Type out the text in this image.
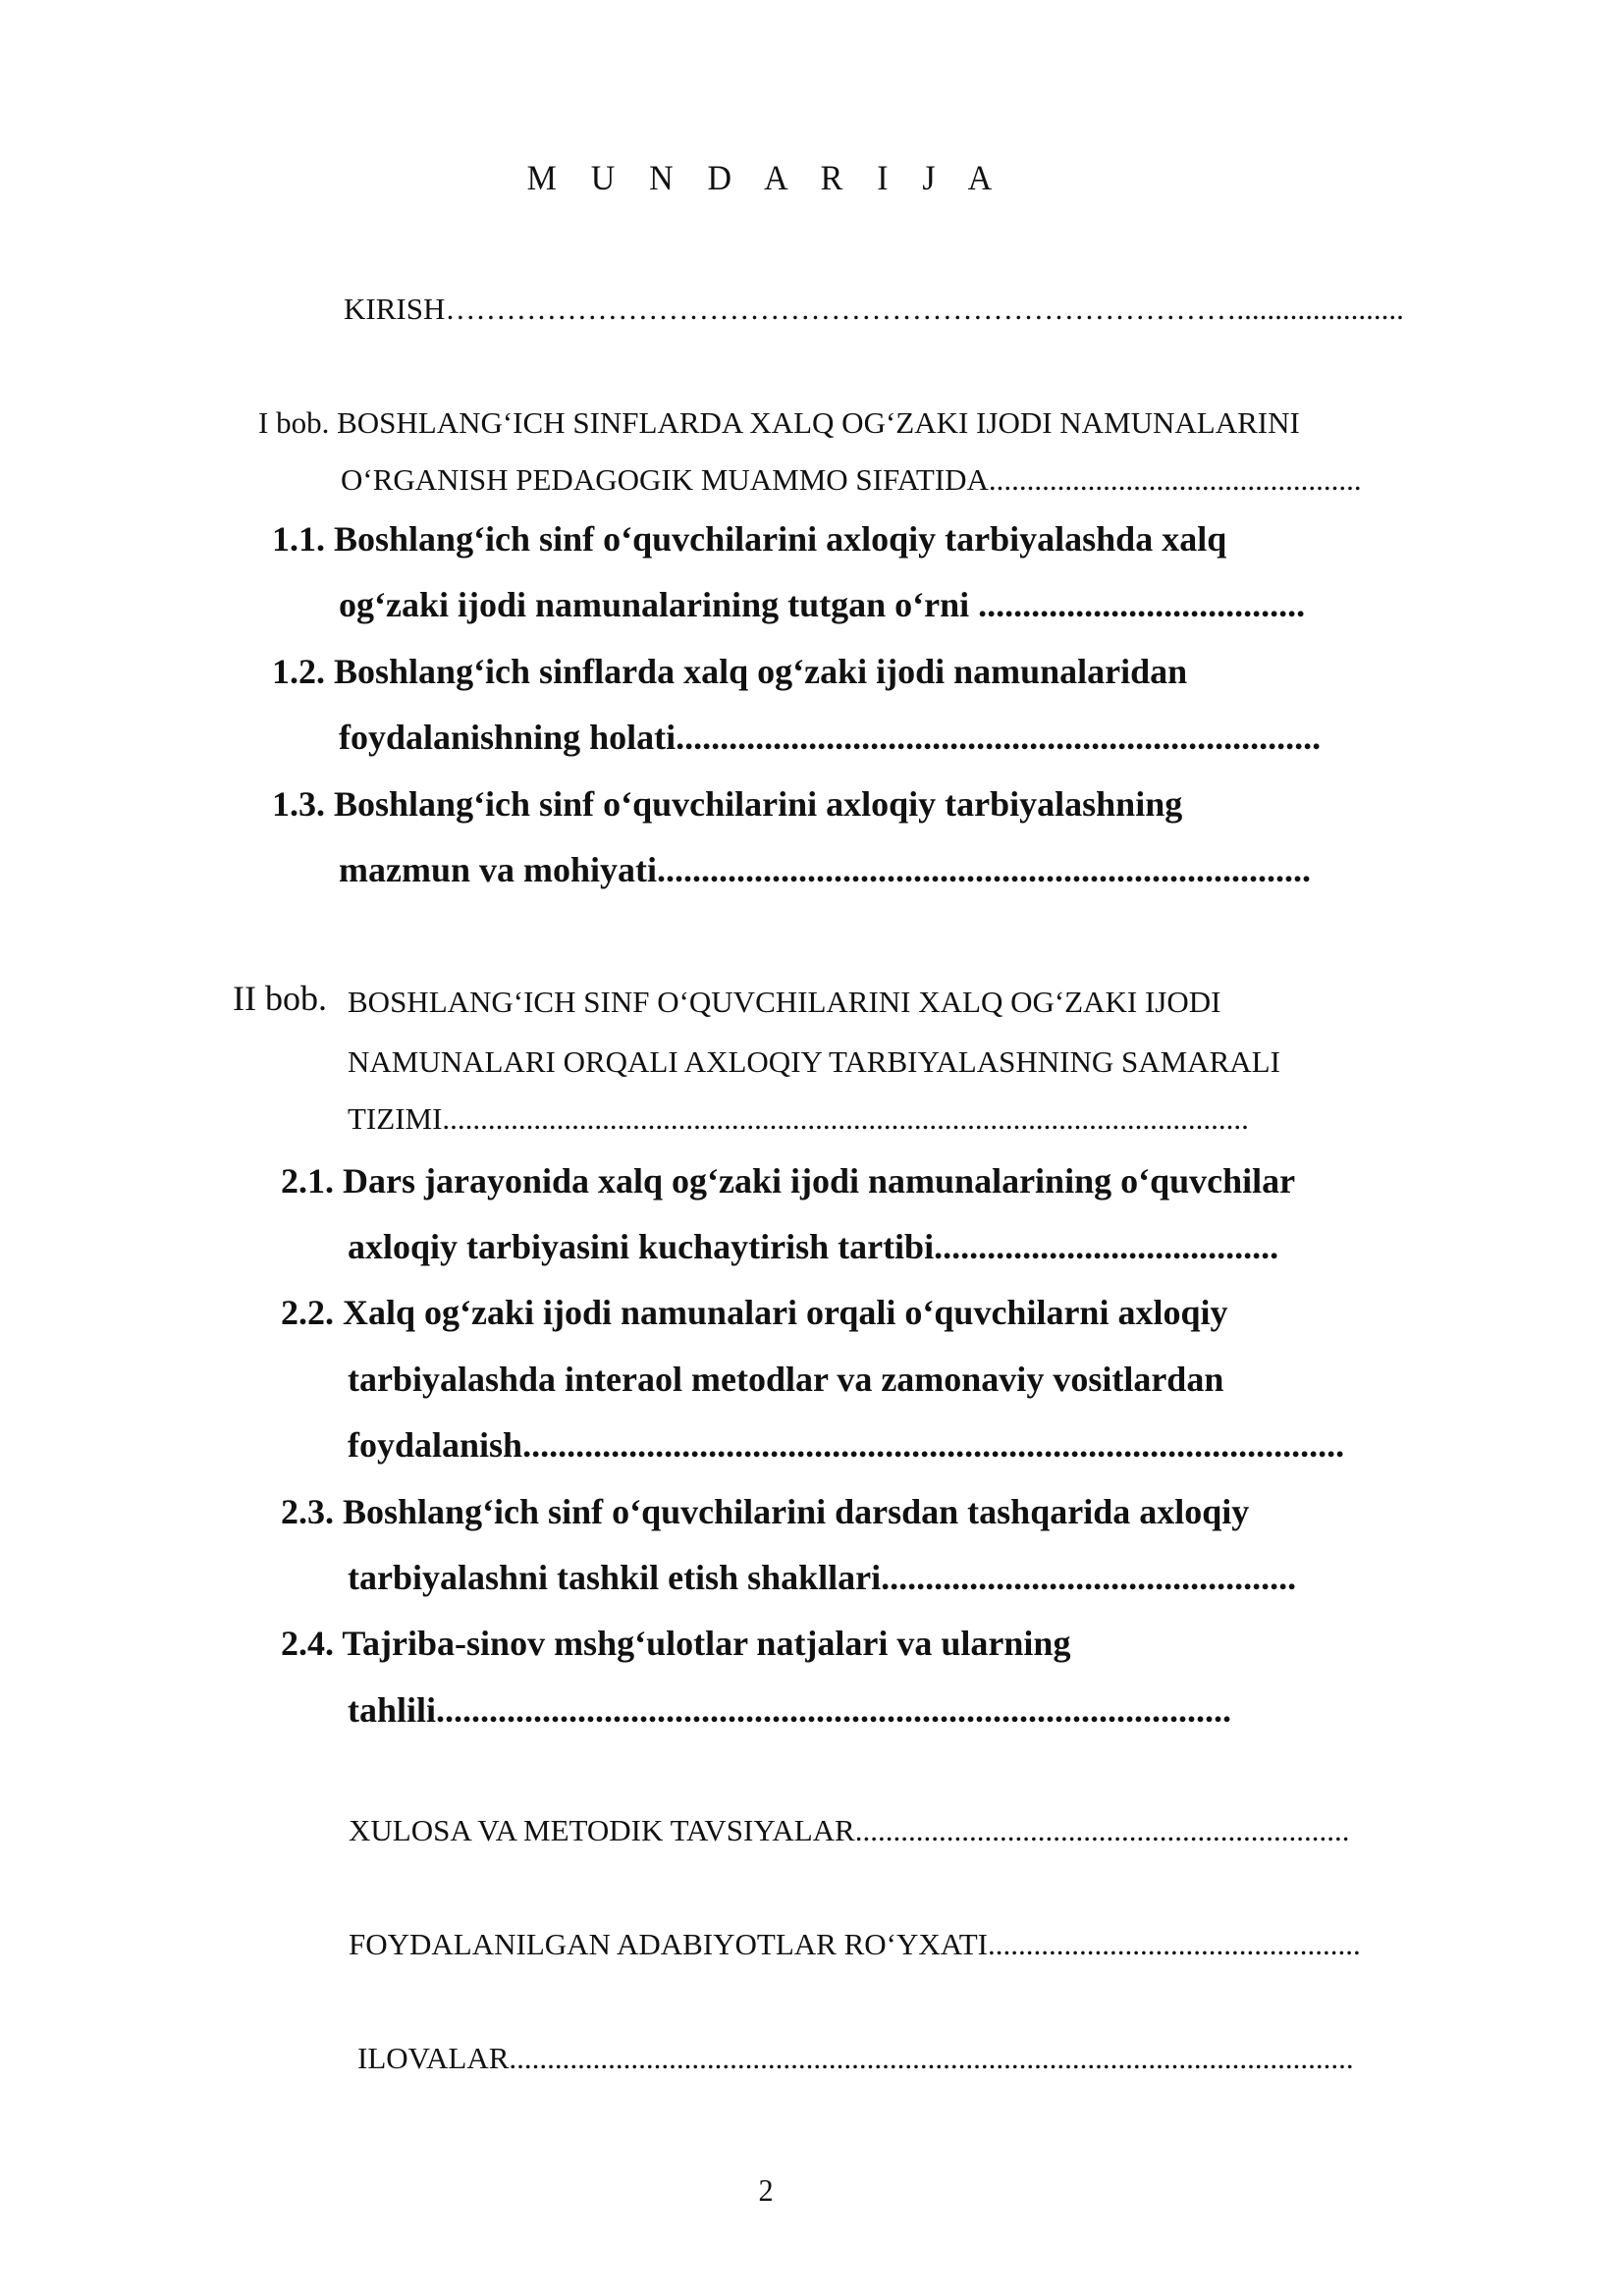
M U N D A R I J A
KIRISH……………………………………………………………………......................
I bob. BOSHLANG‘ICH SINFLARDA XALQ OG‘ZAKI IJODI NAMUNALARINI
O‘RGANISH PEDAGOGIK MUAMMO SIFATIDA.................................................
1.1. Boshlang‘ich sinf o‘quvchilarini axloqiy tarbiyalashda xalq
og‘zaki ijodi namunalarining tutgan o‘rni .....................................
1.2. Boshlang‘ich sinflarda xalq og‘zaki ijodi namunalaridan
foydalanishning holati.........................................................................
1.3. Boshlang‘ich sinf o‘quvchilarini axloqiy tarbiyalashning
mazmun va mohiyati..........................................................................
II bob. BOSHLANG‘ICH SINF O‘QUVCHILARINI XALQ OG‘ZAKI IJODI
NAMUNALARI ORQALI AXLOQIY TARBIYALASHNING SAMARALI
TIZIMI..........................................................................................................
2.1. Dars jarayonida xalq og‘zaki ijodi namunalarining o‘quvchilar
axloqiy tarbiyasini kuchaytirish tartibi.......................................
2.2. Xalq og‘zaki ijodi namunalari orqali o‘quvchilarni axloqiy
tarbiyalashda interaol metodlar va zamonaviy vositlardan
foydalanish.............................................................................................
2.3. Boshlang‘ich sinf o‘quvchilarini darsdan tashqarida axloqiy
tarbiyalashni tashkil etish shakllari...............................................
2.4. Tajriba-sinov mshg‘ulotlar natjalari va ularning
tahlili..........................................................................................
XULOSA VA METODIK TAVSIYALAR.................................................................
FOYDALANILGAN ADABIYOTLAR RO‘YXATI.................................................
ILOVALAR...............................................................................................................
2
